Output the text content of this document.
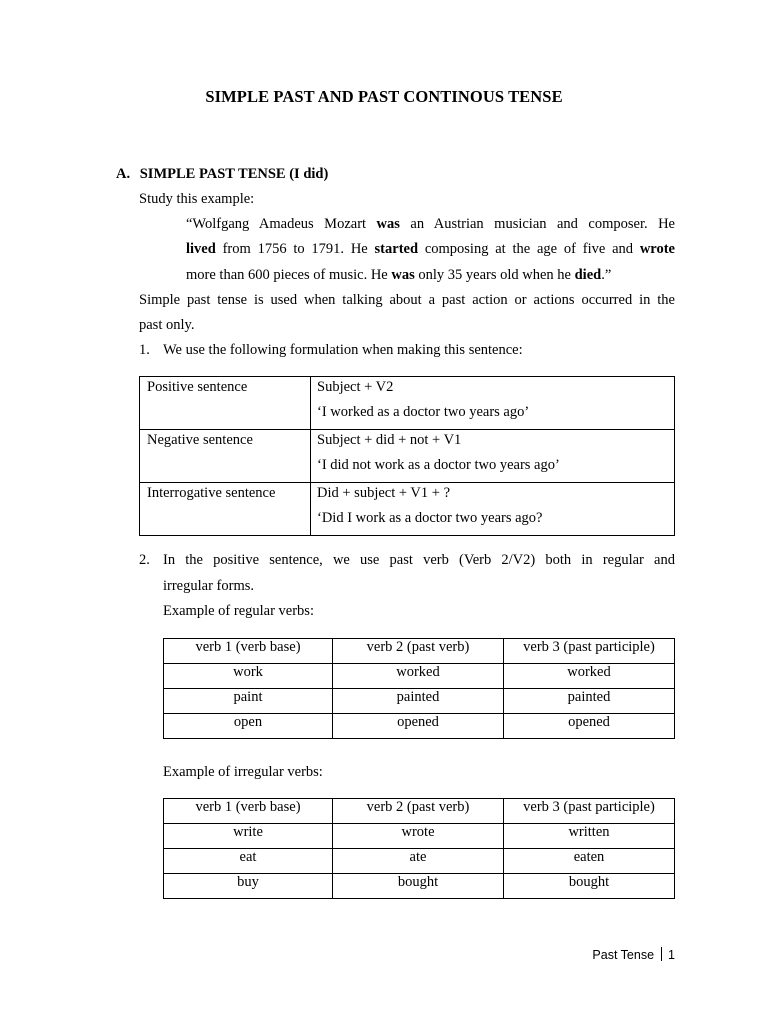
SIMPLE PAST AND PAST CONTINOUS TENSE
A. SIMPLE PAST TENSE (I did)
Study this example:
“Wolfgang Amadeus Mozart was an Austrian musician and composer. He
lived from 1756 to 1791. He started composing at the age of five and wrote
more than 600 pieces of music. He was only 35 years old when he died.”
Simple past tense is used when talking about a past action or actions occurred in the
past only.
1. We use the following formulation when making this sentence:
Positive sentence	Subject + V2
‘I worked as a doctor two years ago’

Negative sentence	Subject + did + not + V1
‘I did not work as a doctor two years ago’

Interrogative sentence	Did + subject + V1 + ?
‘Did I work as a doctor two years ago?
2. In the positive sentence, we use past verb (Verb 2/V2) both in regular and
irregular forms.
Example of regular verbs:
verb 1 (verb base)	verb 2 (past verb)	verb 3 (past participle)
work	worked	worked
paint	painted	painted
open	opened	opened
Example of irregular verbs:
verb 1 (verb base)	verb 2 (past verb)	verb 3 (past participle)
write	wrote	written
eat	ate	eaten
buy	bought	bought
Past Tense 1
